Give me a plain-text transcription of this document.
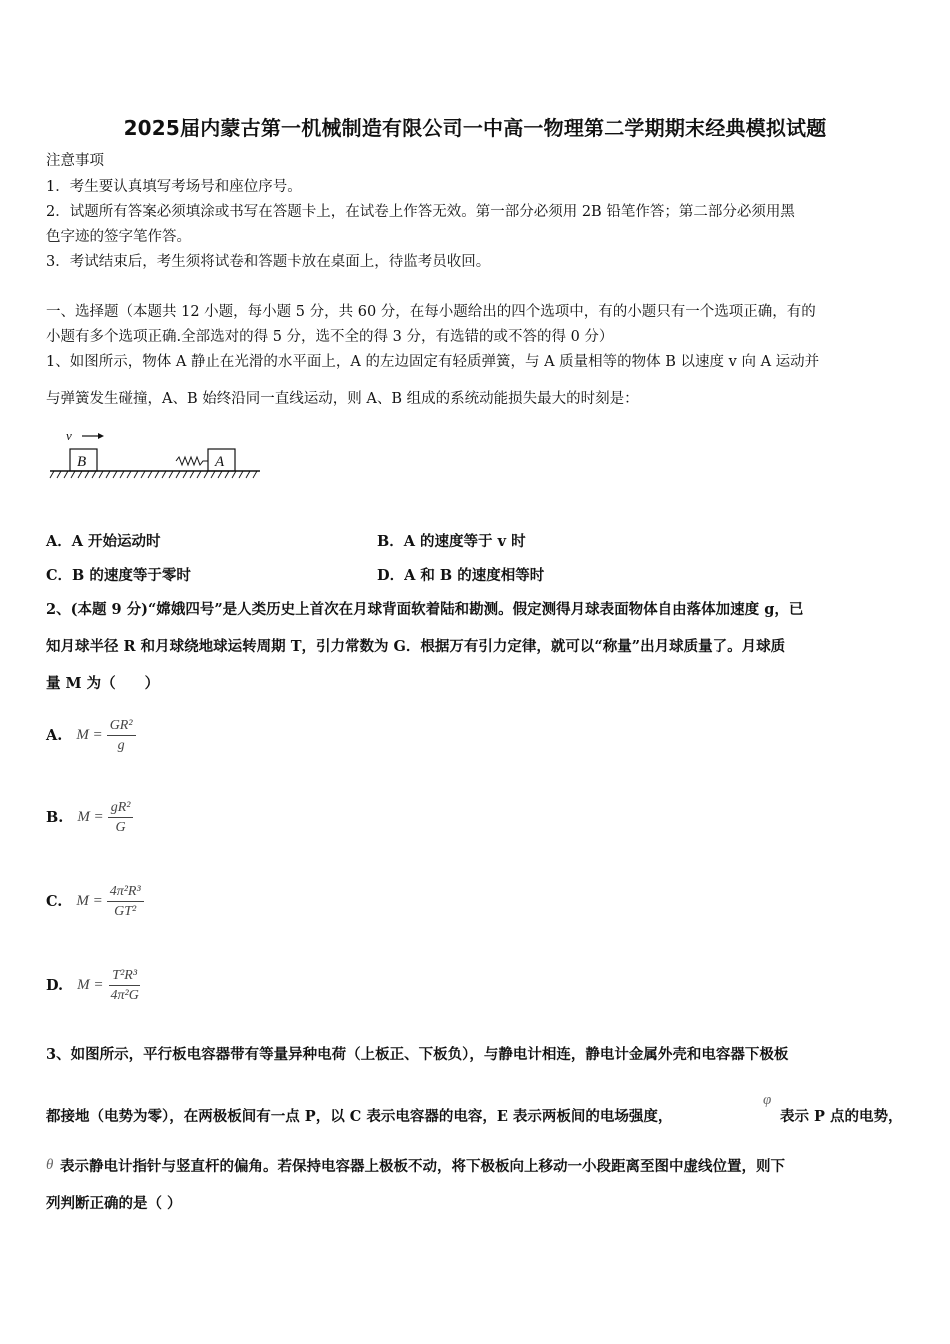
2025届内蒙古第一机械制造有限公司一中高一物理第二学期期末经典模拟试题
注意事项
1．考生要认真填写考场号和座位序号。
2．试题所有答案必须填涂或书写在答题卡上，在试卷上作答无效。第一部分必须用 2B 铅笔作答；第二部分必须用黑
色字迹的签字笔作答。
3．考试结束后，考生须将试卷和答题卡放在桌面上，待监考员收回。
一、选择题（本题共 12 小题，每小题 5 分，共 60 分，在每小题给出的四个选项中，有的小题只有一个选项正确，有的
小题有多个选项正确.全部选对的得 5 分，选不全的得 3 分，有选错的或不答的得 0 分）
1、如图所示，物体 A 静止在光滑的水平面上，A 的左边固定有轻质弹簧，与 A 质量相等的物体 B 以速度 v 向 A 运动并
与弹簧发生碰撞，A、B 始终沿同一直线运动，则 A、B 组成的系统动能损失最大的时刻是：
v
B	A
A．A 开始运动时	B．A 的速度等于 v 时
C．B 的速度等于零时	D．A 和 B 的速度相等时
2、(本题 9 分)“嫦娥四号”是人类历史上首次在月球背面软着陆和勘测。假定测得月球表面物体自由落体加速度 g，已
知月球半径 R 和月球绕地球运转周期 T，引力常数为 G．根据万有引力定律，就可以“称量”出月球质量了。月球质
量 M 为（　　）
A. $M = \frac{\text{GR²}}{g}$
B. $M = \frac{\text{gR²}}{G}$
C. $M = \frac{\text{4π²R³}}{\text{GT²}}$
D. $M = \frac{\text{T²R³}}{\text{4π²G}}$
3、如图所示，平行板电容器带有等量异种电荷（上板正、下板负），与静电计相连，静电计金属外壳和电容器下极板
都接地（电势为零），在两极板间有一点 P，以 C 表示电容器的电容，E 表示两板间的电场强度，
φ
表示 P 点的电势，
θ 表示静电计指针与竖直杆的偏角。若保持电容器上极板不动，将下极板向上移动一小段距离至图中虚线位置，则下
列判断正确的是（ ）
